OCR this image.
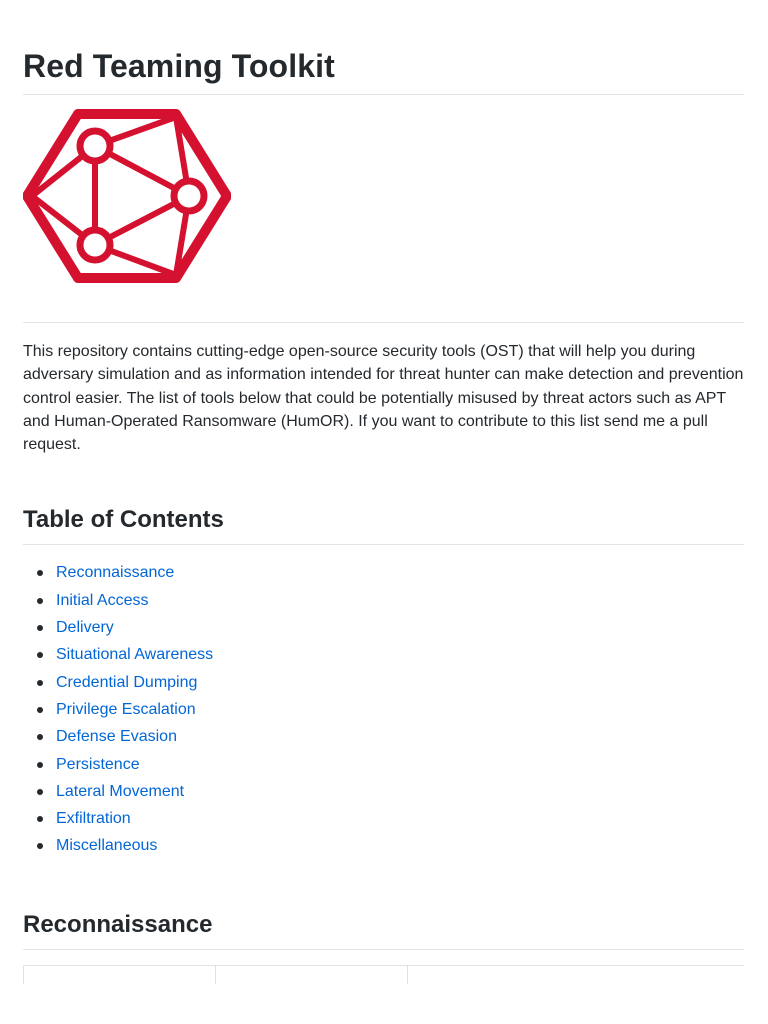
Red Teaming Toolkit

This repository contains cutting-edge open-source security tools (OST) that will help you during adversary simulation and as information intended for threat hunter can make detection and prevention control easier. The list of tools below that could be potentially misused by threat actors such as APT and Human-Operated Ransomware (HumOR). If you want to contribute to this list send me a pull request.

Table of Contents
Reconnaissance
Initial Access
Delivery
Situational Awareness
Credential Dumping
Privilege Escalation
Defense Evasion
Persistence
Lateral Movement
Exfiltration
Miscellaneous
Reconnaissance
